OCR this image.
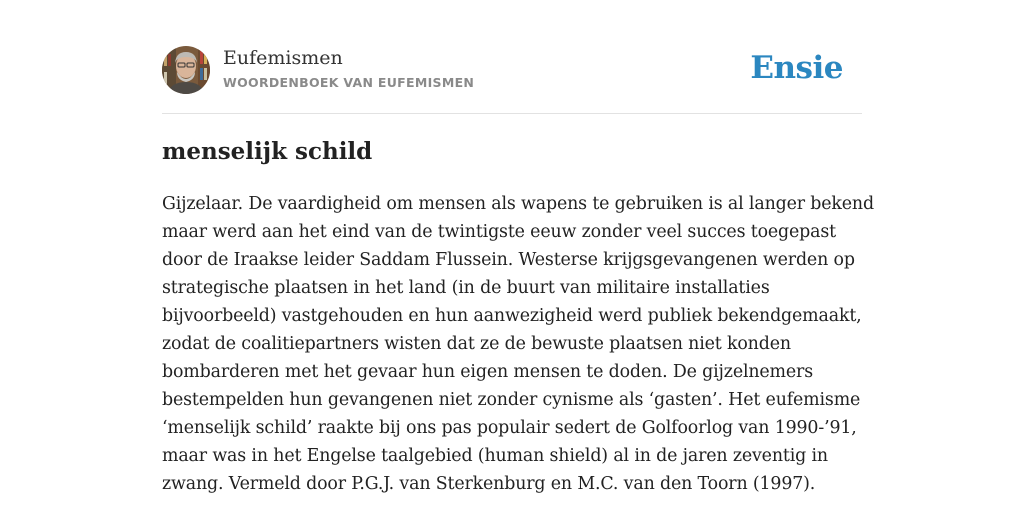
Eufemismen
WOORDENBOEK VAN EUFEMISMEN	Ensie
menselijk schild

Gijzelaar. De vaardigheid om mensen als wapens te gebruiken is al langer bekend

maar werd aan het eind van de twintigste eeuw zonder veel succes toegepast

door de Iraakse leider Saddam Flussein. Westerse krijgsgevangenen werden op

strategische plaatsen in het land (in de buurt van militaire installaties

bijvoorbeeld) vastgehouden en hun aanwezigheid werd publiek bekendgemaakt,

zodat de coalitiepartners wisten dat ze de bewuste plaatsen niet konden

bombarderen met het gevaar hun eigen mensen te doden. De gijzelnemers

bestempelden hun gevangenen niet zonder cynisme als ‘gasten’. Het eufemisme

‘menselijk schild’ raakte bij ons pas populair sedert de Golfoorlog van 1990-’91,

maar was in het Engelse taalgebied (human shield) al in de jaren zeventig in

zwang. Vermeld door P.G.J. van Sterkenburg en M.C. van den Toorn (1997).
